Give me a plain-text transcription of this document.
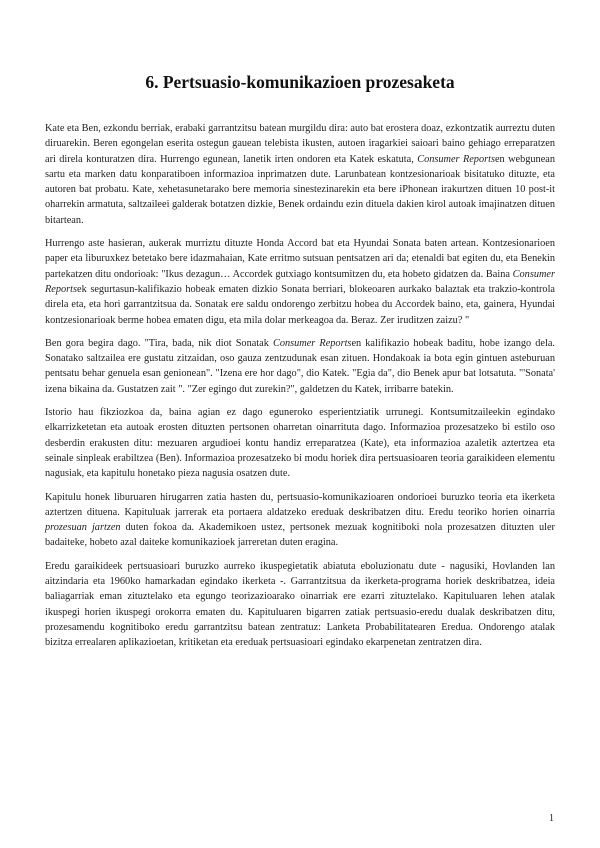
6. Pertsuasio-komunikazioen prozesaketa

Kate eta Ben, ezkondu berriak, erabaki garrantzitsu batean murgildu dira: auto bat erostera doaz, ezkontzatik aurreztu duten diruarekin. Beren egongelan eserita ostegun gauean telebista ikusten, autoen iragarkiei saioari baino gehiago erreparatzen ari direla konturatzen dira. Hurrengo egunean, lanetik irten ondoren eta Katek eskatuta, Consumer Reportsen webgunean sartu eta marken datu konparatiboen informazioa inprimatzen dute. Larunbatean kontzesionarioak bisitatuko dituzte, eta autoren bat probatu. Kate, xehetasunetarako bere memoria sinestezinarekin eta bere iPhonean irakurtzen dituen 10 post-it oharrekin armatuta, saltzaileei galderak botatzen dizkie, Benek ordaindu ezin dituela dakien kirol autoak imajinatzen dituen bitartean.

Hurrengo aste hasieran, aukerak murriztu dituzte Honda Accord bat eta Hyundai Sonata baten artean. Kontzesionarioen paper eta liburuxkez betetako bere idazmahaian, Kate erritmo sutsuan pentsatzen ari da; etenaldi bat egiten du, eta Benekin partekatzen ditu ondorioak: "Ikus dezagun… Accordek gutxiago kontsumitzen du, eta hobeto gidatzen da. Baina Consumer Reportsek segurtasun-kalifikazio hobeak ematen dizkio Sonata berriari, blokeoaren aurkako balaztak eta trakzio-kontrola direla eta, eta hori garrantzitsua da. Sonatak ere saldu ondorengo zerbitzu hobea du Accordek baino, eta, gainera, Hyundai kontzesionarioak berme hobea ematen digu, eta mila dolar merkeagoa da. Beraz. Zer iruditzen zaizu? "

Ben gora begira dago. "Tira, bada, nik diot Sonatak Consumer Reportsen kalifikazio hobeak baditu, hobe izango dela. Sonatako saltzailea ere gustatu zitzaidan, oso gauza zentzudunak esan zituen. Hondakoak ia bota egin gintuen asteburuan pentsatu behar genuela esan genionean". "Izena ere hor dago", dio Katek. "Egia da", dio Benek apur bat lotsatuta. "'Sonata' izena bikaina da. Gustatzen zait ". "Zer egingo dut zurekin?", galdetzen du Katek, irribarre batekin.

Istorio hau fikziozkoa da, baina agian ez dago eguneroko esperientziatik urrunegi. Kontsumitzaileekin egindako elkarrizketetan eta autoak erosten dituzten pertsonen oharretan oinarrituta dago. Informazioa prozesatzeko bi estilo oso desberdin erakusten ditu: mezuaren argudioei kontu handiz erreparatzea (Kate), eta informazioa azaletik aztertzea eta seinale sinpleak erabiltzea (Ben). Informazioa prozesatzeko bi modu horiek dira pertsuasioaren teoria garaikideen elementu nagusiak, eta kapitulu honetako pieza nagusia osatzen dute.

Kapitulu honek liburuaren hirugarren zatia hasten du, pertsuasio-komunikazioaren ondorioei buruzko teoria eta ikerketa aztertzen dituena. Kapituluak jarrerak eta portaera aldatzeko ereduak deskribatzen ditu. Eredu teoriko horien oinarria prozesuan jartzen duten fokoa da. Akademikoen ustez, pertsonek mezuak kognitiboki nola prozesatzen dituzten uler badaiteke, hobeto azal daiteke komunikazioek jarreretan duten eragina.

Eredu garaikideek pertsuasioari buruzko aurreko ikuspegietatik abiatuta eboluzionatu dute - nagusiki, Hovlanden lan aitzindaria eta 1960ko hamarkadan egindako ikerketa -. Garrantzitsua da ikerketa-programa horiek deskribatzea, ideia baliagarriak eman zituztelako eta egungo teorizazioarako oinarriak ere ezarri zituztelako. Kapituluaren lehen atalak ikuspegi horien ikuspegi orokorra ematen du. Kapituluaren bigarren zatiak pertsuasio-eredu dualak deskribatzen ditu, prozesamendu kognitiboko eredu garrantzitsu batean zentratuz: Lanketa Probabilitatearen Eredua. Ondorengo atalak bizitza errealaren aplikazioetan, kritiketan eta ereduak pertsuasioari egindako ekarpenetan zentratzen dira.

1
